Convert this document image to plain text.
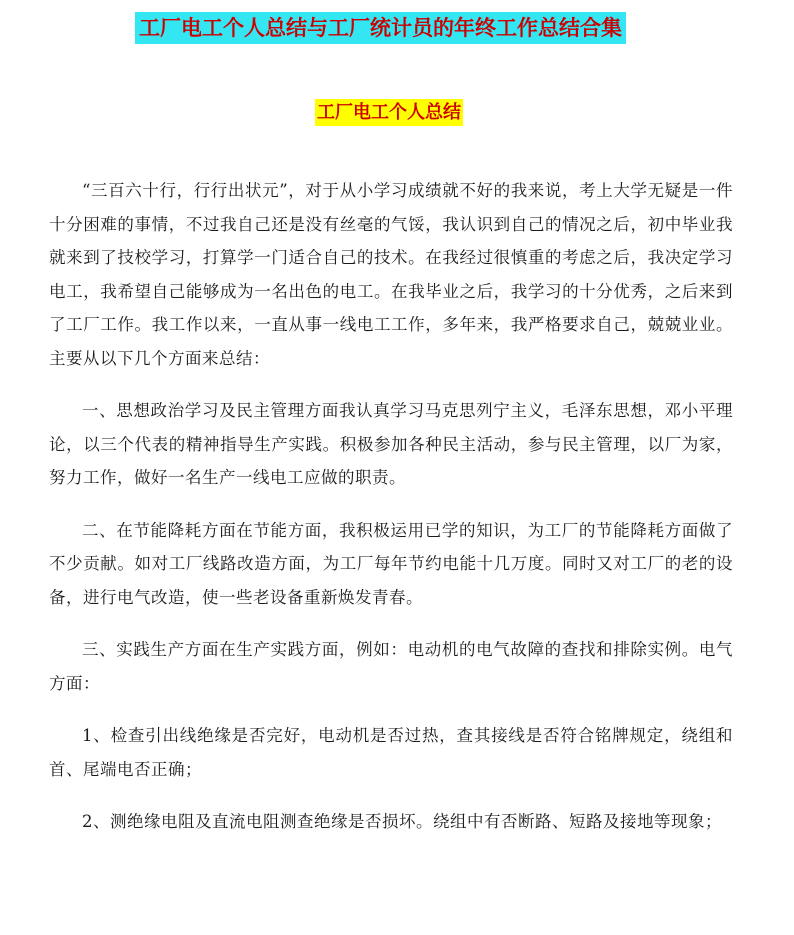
工厂电工个人总结与工厂统计员的年终工作总结合集
工厂电工个人总结

“三百六十行，行行出状元”，对于从小学习成绩就不好的我来说，考上大学无疑是一件十分困难的事情，不过我自己还是没有丝毫的气馁，我认识到自己的情况之后，初中毕业我就来到了技校学习，打算学一门适合自己的技术。在我经过很慎重的考虑之后，我决定学习电工，我希望自己能够成为一名出色的电工。在我毕业之后，我学习的十分优秀，之后来到了工厂工作。我工作以来，一直从事一线电工工作，多年来，我严格要求自己，兢兢业业。主要从以下几个方面来总结：

一、思想政治学习及民主管理方面我认真学习马克思列宁主义，毛泽东思想，邓小平理论，以三个代表的精神指导生产实践。积极参加各种民主活动，参与民主管理，以厂为家，努力工作，做好一名生产一线电工应做的职责。

二、在节能降耗方面在节能方面，我积极运用已学的知识，为工厂的节能降耗方面做了不少贡献。如对工厂线路改造方面，为工厂每年节约电能十几万度。同时又对工厂的老的设备，进行电气改造，使一些老设备重新焕发青春。

三、实践生产方面在生产实践方面，例如：电动机的电气故障的查找和排除实例。电气方面：

1、检查引出线绝缘是否完好，电动机是否过热，查其接线是否符合铭牌规定，绕组和首、尾端电否正确；

2、测绝缘电阻及直流电阻测查绝缘是否损坏。绕组中有否断路、短路及接地等现象；
